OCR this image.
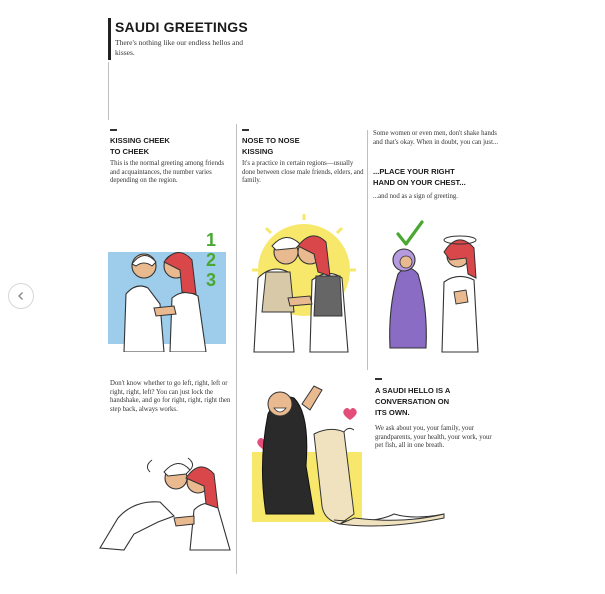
SAUDI GREETINGS
There's nothing like our endless hellos and kisses.
KISSING CHEEK
TO CHEEK
This is the normal greeting among friends and acquaintances, the number varies depending on the region.
1
2
3
NOSE TO NOSE
KISSING
It's a practice in certain regions—usually done between close male friends, elders, and family.
Some women or even men, don't shake hands and that's okay. When in doubt, you can just...
...PLACE YOUR RIGHT
HAND ON YOUR CHEST...
...and nod as a sign of greeting.
Don't know whether to go left, right, left or right, right, left? You can just lock the handshake, and go for right, right, right then step back, always works.
A SAUDI HELLO IS A
CONVERSATION ON
ITS OWN.
We ask about you, your family, your grandparents, your health, your work, your pet fish, all in one breath.
